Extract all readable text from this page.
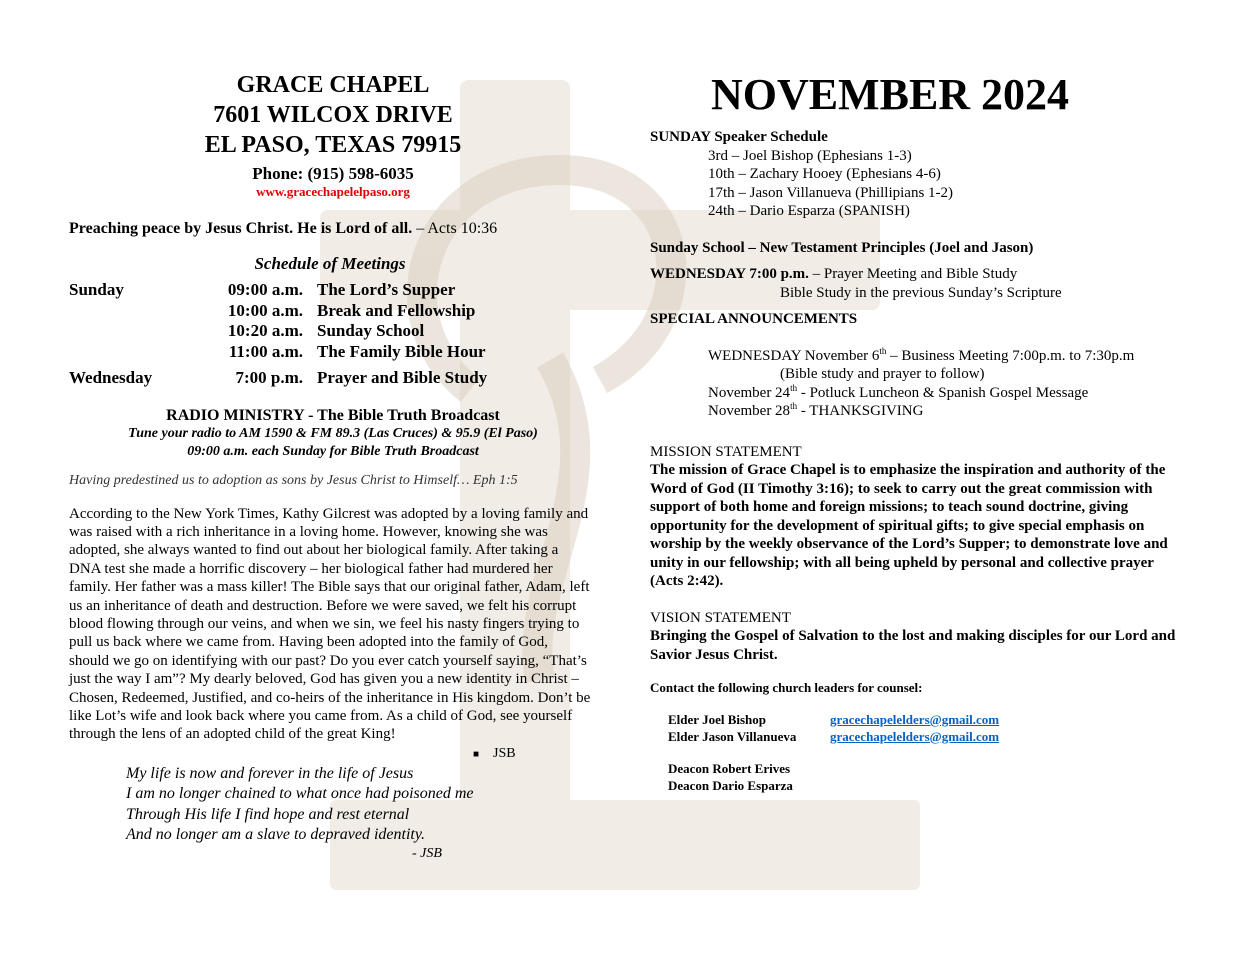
GRACE CHAPEL
7601 WILCOX DRIVE
EL PASO, TEXAS 79915
Phone: (915) 598-6035
www.gracechapelelpaso.org

Preaching peace by Jesus Christ. He is Lord of all. – Acts 10:36

Schedule of Meetings
Sunday	09:00 a.m. The Lord’s Supper
10:00 a.m. Break and Fellowship
10:20 a.m. Sunday School
11:00 a.m. The Family Bible Hour
Wednesday	7:00 p.m. Prayer and Bible Study
RADIO MINISTRY - The Bible Truth Broadcast
Tune your radio to AM 1590 & FM 89.3 (Las Cruces) & 95.9 (El Paso)
09:00 a.m. each Sunday for Bible Truth Broadcast

Having predestined us to adoption as sons by Jesus Christ to Himself… Eph 1:5

According to the New York Times, Kathy Gilcrest was adopted by a loving family and was raised with a rich inheritance in a loving home. However, knowing she was adopted, she always wanted to find out about her biological family. After taking a DNA test she made a horrific discovery – her biological father had murdered her family. Her father was a mass killer! The Bible says that our original father, Adam, left us an inheritance of death and destruction. Before we were saved, we felt his corrupt blood flowing through our veins, and when we sin, we feel his nasty fingers trying to pull us back where we came from. Having been adopted into the family of God, should we go on identifying with our past? Do you ever catch yourself saying, “That’s just the way I am”? My dearly beloved, God has given you a new identity in Christ – Chosen, Redeemed, Justified, and co-heirs of the inheritance in His kingdom. Don’t be like Lot’s wife and look back where you came from. As a child of God, see yourself through the lens of an adopted child of the great King!

■ JSB
My life is now and forever in the life of Jesus
I am no longer chained to what once had poisoned me
Through His life I find hope and rest eternal
And no longer am a slave to depraved identity.
- JSB
NOVEMBER 2024
SUNDAY Speaker Schedule
3rd – Joel Bishop (Ephesians 1-3)
10th – Zachary Hooey (Ephesians 4-6)
17th – Jason Villanueva (Phillipians 1-2)
24th – Dario Esparza (SPANISH)
Sunday School – New Testament Principles (Joel and Jason)
WEDNESDAY 7:00 p.m. – Prayer Meeting and Bible Study
Bible Study in the previous Sunday’s Scripture
SPECIAL ANNOUNCEMENTS
WEDNESDAY November 6th – Business Meeting 7:00p.m. to 7:30p.m
(Bible study and prayer to follow)
November 24th - Potluck Luncheon & Spanish Gospel Message
November 28th - THANKSGIVING
MISSION STATEMENT
The mission of Grace Chapel is to emphasize the inspiration and authority of the Word of God (II Timothy 3:16); to seek to carry out the great commission with support of both home and foreign missions; to teach sound doctrine, giving opportunity for the development of spiritual gifts; to give special emphasis on worship by the weekly observance of the Lord’s Supper; to demonstrate love and unity in our fellowship; with all being upheld by personal and collective prayer (Acts 2:42).
VISION STATEMENT
Bringing the Gospel of Salvation to the lost and making disciples for our Lord and Savior Jesus Christ.
Contact the following church leaders for counsel:
Elder Joel Bishop	gracechapelelders@gmail.com
Elder Jason Villanueva	gracechapelelders@gmail.com
Deacon Robert Erives
Deacon Dario Esparza
